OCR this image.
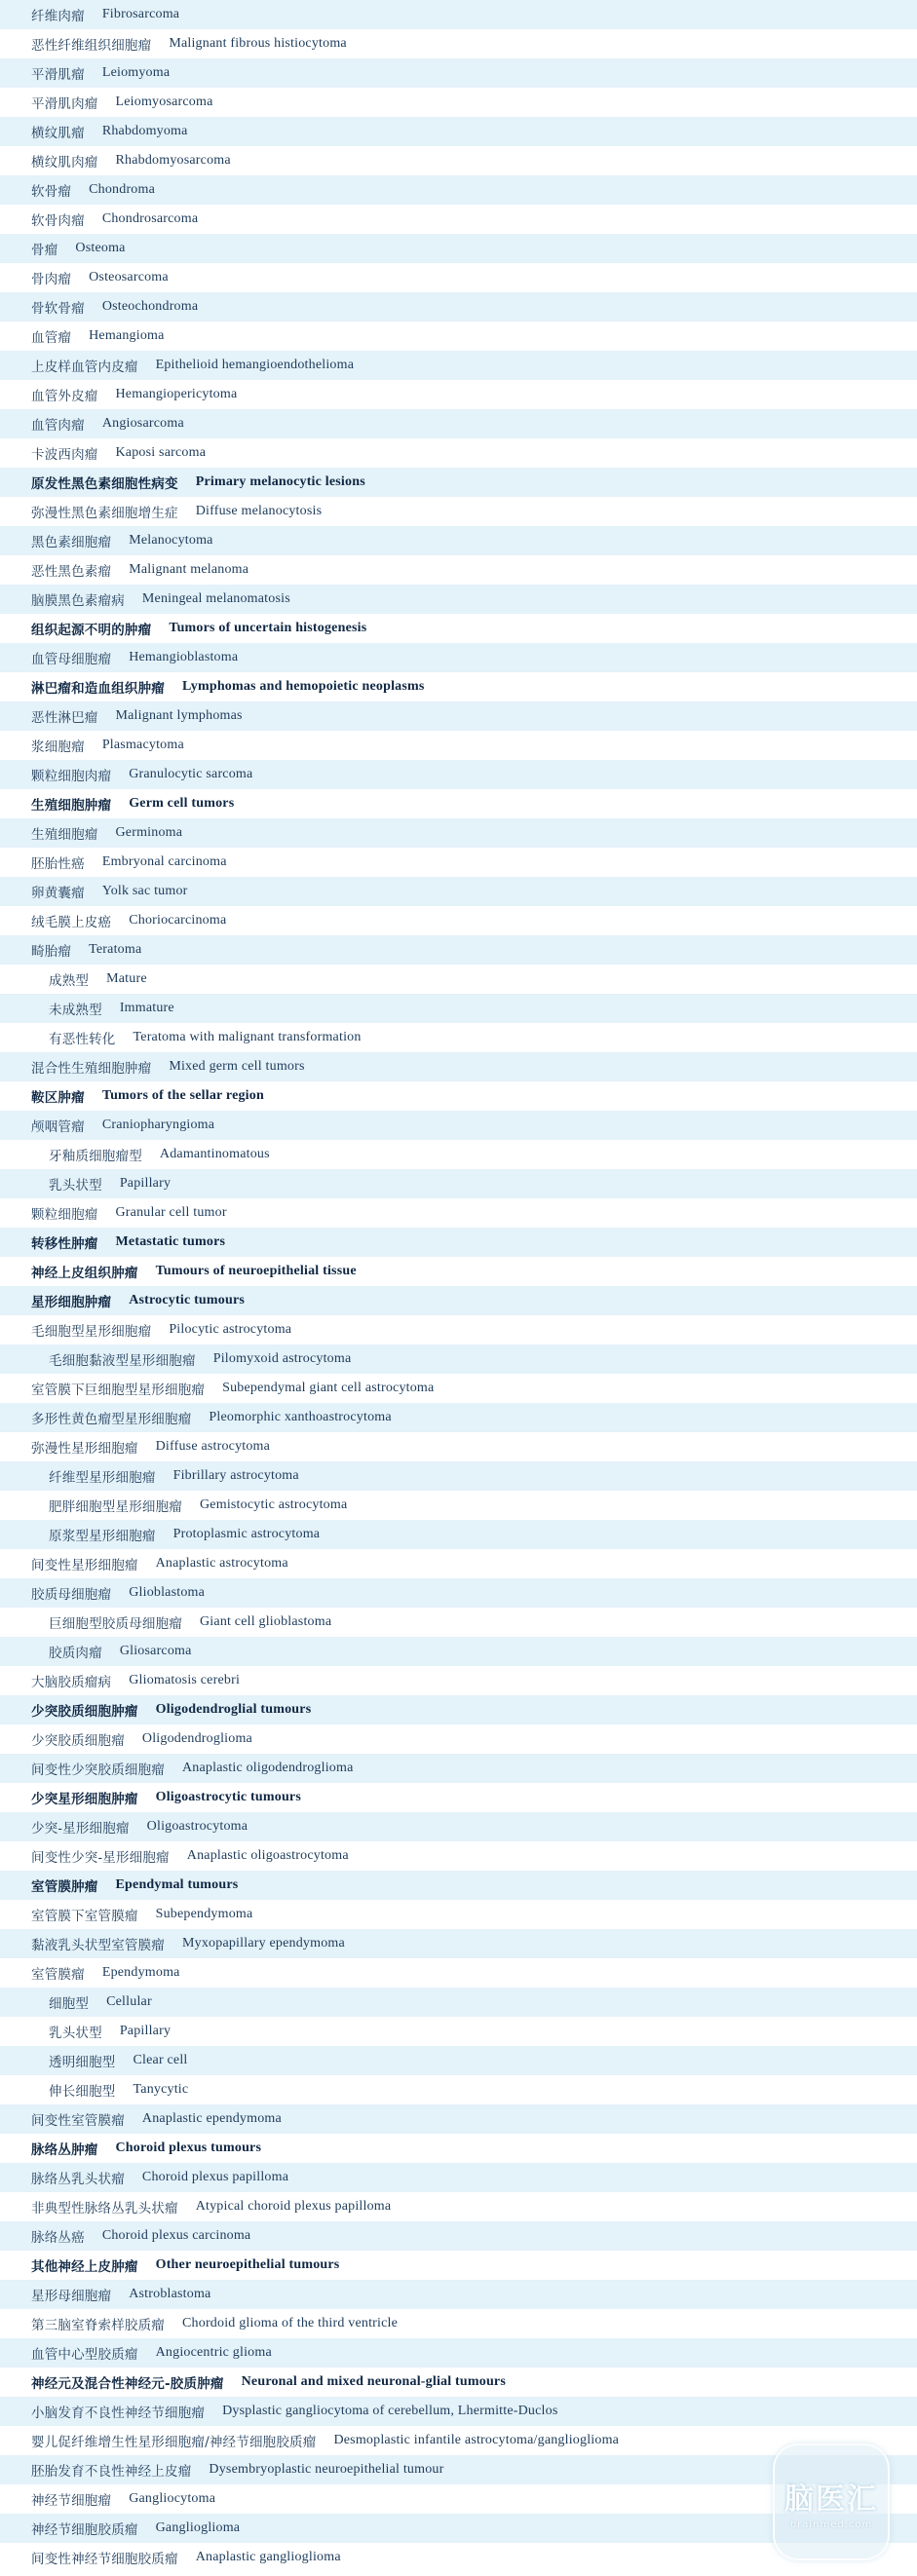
纤维肉瘤 Fibrosarcoma
恶性纤维组织细胞瘤 Malignant fibrous histiocytoma
平滑肌瘤 Leiomyoma
平滑肌肉瘤 Leiomyosarcoma
横纹肌瘤 Rhabdomyoma
横纹肌肉瘤 Rhabdomyosarcoma
软骨瘤 Chondroma
软骨肉瘤 Chondrosarcoma
骨瘤 Osteoma
骨肉瘤 Osteosarcoma
骨软骨瘤 Osteochondroma
血管瘤 Hemangioma
上皮样血管内皮瘤 Epithelioid hemangioendothelioma
血管外皮瘤 Hemangiopericytoma
血管肉瘤 Angiosarcoma
卡波西肉瘤 Kaposi sarcoma
原发性黑色素细胞性病变 Primary melanocytic lesions
弥漫性黑色素细胞增生症 Diffuse melanocytosis
黑色素细胞瘤 Melanocytoma
恶性黑色素瘤 Malignant melanoma
脑膜黑色素瘤病 Meningeal melanomatosis
组织起源不明的肿瘤 Tumors of uncertain histogenesis
血管母细胞瘤 Hemangioblastoma
淋巴瘤和造血组织肿瘤 Lymphomas and hemopoietic neoplasms
恶性淋巴瘤 Malignant lymphomas
浆细胞瘤 Plasmacytoma
颗粒细胞肉瘤 Granulocytic sarcoma
生殖细胞肿瘤 Germ cell tumors
生殖细胞瘤 Germinoma
胚胎性癌 Embryonal carcinoma
卵黄囊瘤 Yolk sac tumor
绒毛膜上皮癌 Choriocarcinoma
畸胎瘤 Teratoma
成熟型 Mature
未成熟型 Immature
有恶性转化 Teratoma with malignant transformation
混合性生殖细胞肿瘤 Mixed germ cell tumors
鞍区肿瘤 Tumors of the sellar region
颅咽管瘤 Craniopharyngioma
牙釉质细胞瘤型 Adamantinomatous
乳头状型 Papillary
颗粒细胞瘤 Granular cell tumor
转移性肿瘤 Metastatic tumors
神经上皮组织肿瘤 Tumours of neuroepithelial tissue
星形细胞肿瘤 Astrocytic tumours
毛细胞型星形细胞瘤 Pilocytic astrocytoma
毛细胞黏液型星形细胞瘤 Pilomyxoid astrocytoma
室管膜下巨细胞型星形细胞瘤 Subependymal giant cell astrocytoma
多形性黄色瘤型星形细胞瘤 Pleomorphic xanthoastrocytoma
弥漫性星形细胞瘤 Diffuse astrocytoma
纤维型星形细胞瘤 Fibrillary astrocytoma
肥胖细胞型星形细胞瘤 Gemistocytic astrocytoma
原浆型星形细胞瘤 Protoplasmic astrocytoma
间变性星形细胞瘤 Anaplastic astrocytoma
胶质母细胞瘤 Glioblastoma
巨细胞型胶质母细胞瘤 Giant cell glioblastoma
胶质肉瘤 Gliosarcoma
大脑胶质瘤病 Gliomatosis cerebri
少突胶质细胞肿瘤 Oligodendroglial tumours
少突胶质细胞瘤 Oligodendroglioma
间变性少突胶质细胞瘤 Anaplastic oligodendroglioma
少突星形细胞肿瘤 Oligoastrocytic tumours
少突-星形细胞瘤 Oligoastrocytoma
间变性少突-星形细胞瘤 Anaplastic oligoastrocytoma
室管膜肿瘤 Ependymal tumours
室管膜下室管膜瘤 Subependymoma
黏液乳头状型室管膜瘤 Myxopapillary ependymoma
室管膜瘤 Ependymoma
细胞型 Cellular
乳头状型 Papillary
透明细胞型 Clear cell
伸长细胞型 Tanycytic
间变性室管膜瘤 Anaplastic ependymoma
脉络丛肿瘤 Choroid plexus tumours
脉络丛乳头状瘤 Choroid plexus papilloma
非典型性脉络丛乳头状瘤 Atypical choroid plexus papilloma
脉络丛癌 Choroid plexus carcinoma
其他神经上皮肿瘤 Other neuroepithelial tumours
星形母细胞瘤 Astroblastoma
第三脑室脊索样胶质瘤 Chordoid glioma of the third ventricle
血管中心型胶质瘤 Angiocentric glioma
神经元及混合性神经元-胶质肿瘤 Neuronal and mixed neuronal-glial tumours
小脑发育不良性神经节细胞瘤 Dysplastic gangliocytoma of cerebellum, Lhermitte-Duclos
婴儿促纤维增生性星形细胞瘤/神经节细胞胶质瘤 Desmoplastic infantile astrocytoma/ganglioglioma
胚胎发育不良性神经上皮瘤 Dysembryoplastic neuroepithelial tumour
神经节细胞瘤 Gangliocytoma
神经节细胞胶质瘤 Ganglioglioma
间变性神经节细胞胶质瘤 Anaplastic ganglioglioma
脑医汇
brainmed.com
